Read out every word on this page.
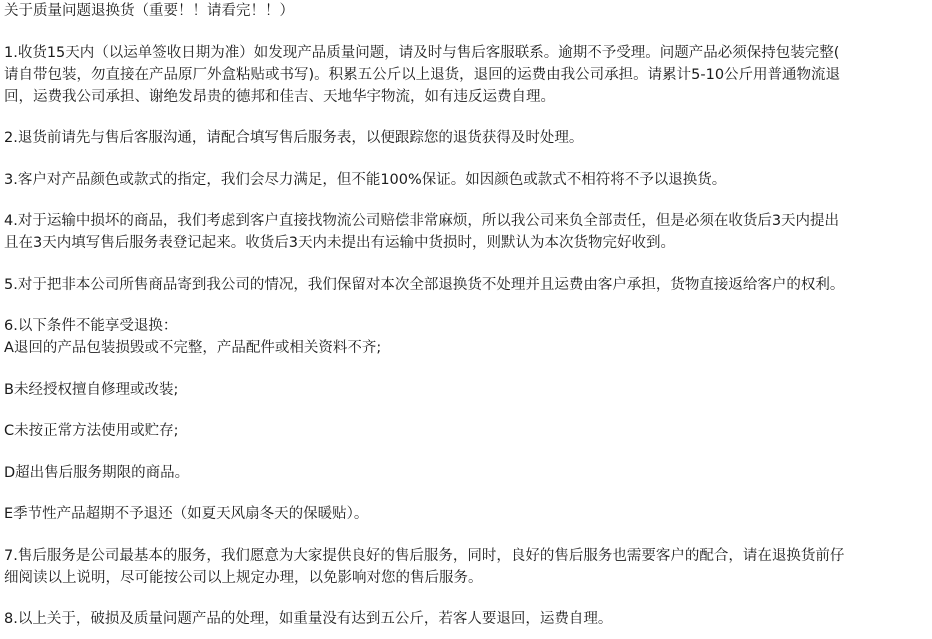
关于质量问题退换货（重要！！请看完！！）
1.收货15天内（以运单签收日期为准）如发现产品质量问题，请及时与售后客服联系。逾期不予受理。问题产品必须保持包装完整(
请自带包装，勿直接在产品原厂外盒粘贴或书写)。积累五公斤以上退货，退回的运费由我公司承担。请累计5-10公斤用普通物流退
回，运费我公司承担、谢绝发昂贵的德邦和佳吉、天地华宇物流，如有违反运费自理。
2.退货前请先与售后客服沟通，请配合填写售后服务表，以便跟踪您的退货获得及时处理。
3.客户对产品颜色或款式的指定，我们会尽力满足，但不能100%保证。如因颜色或款式不相符将不予以退换货。
4.对于运输中损坏的商品，我们考虑到客户直接找物流公司赔偿非常麻烦，所以我公司来负全部责任，但是必须在收货后3天内提出
且在3天内填写售后服务表登记起来。收货后3天内未提出有运输中货损时，则默认为本次货物完好收到。
5.对于把非本公司所售商品寄到我公司的情况，我们保留对本次全部退换货不处理并且运费由客户承担，货物直接返给客户的权利。
6.以下条件不能享受退换：
A退回的产品包装损毁或不完整，产品配件或相关资料不齐;
B未经授权擅自修理或改装;
C未按正常方法使用或贮存;
D超出售后服务期限的商品。
E季节性产品超期不予退还（如夏天风扇冬天的保暖贴）。
7.售后服务是公司最基本的服务，我们愿意为大家提供良好的售后服务，同时，良好的售后服务也需要客户的配合，请在退换货前仔
细阅读以上说明，尽可能按公司以上规定办理，以免影响对您的售后服务。
8.以上关于，破损及质量问题产品的处理，如重量没有达到五公斤，若客人要退回，运费自理。
